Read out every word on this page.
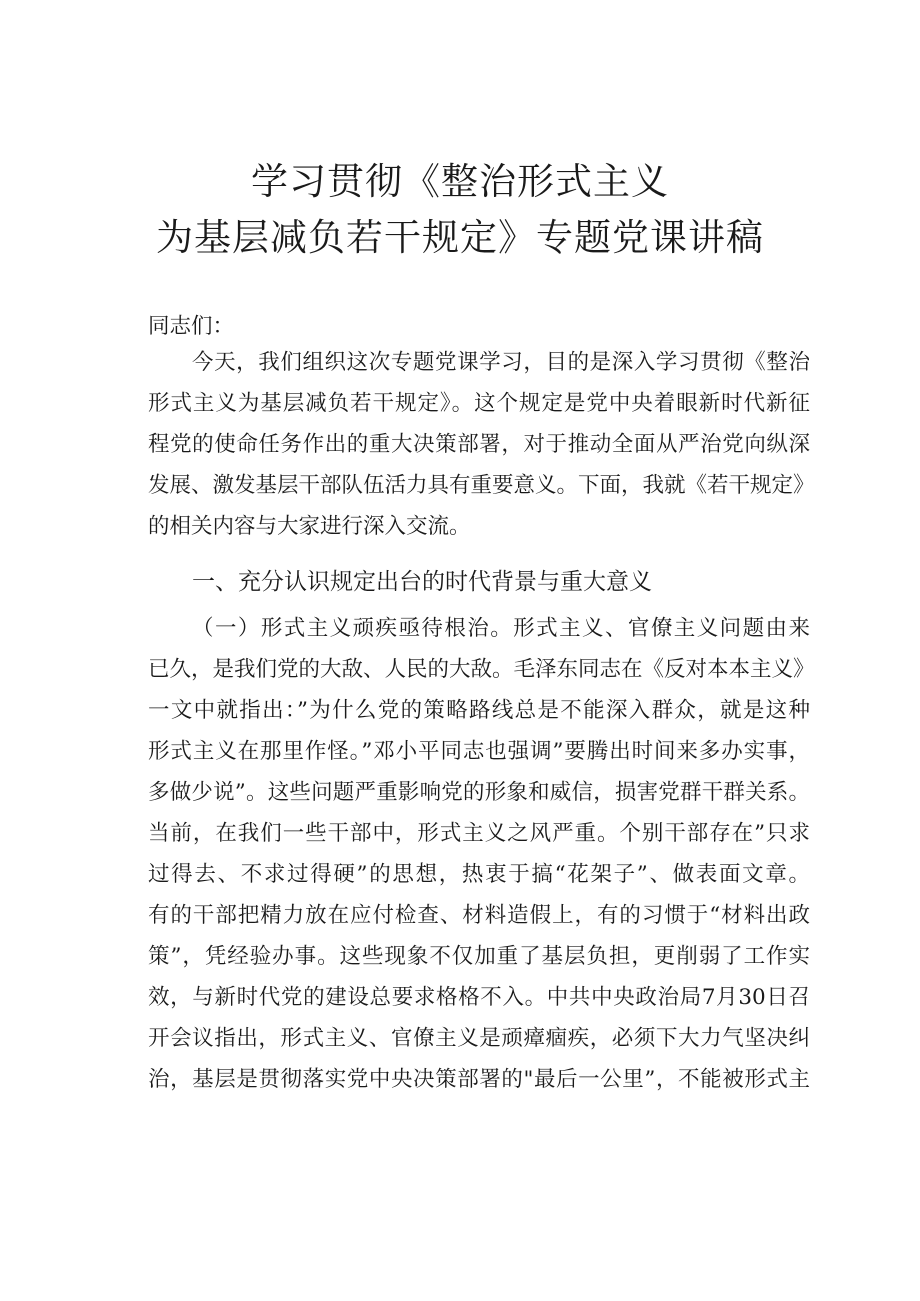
学习贯彻《整治形式主义
为基层减负若干规定》专题党课讲稿
同志们：
今天，我们组织这次专题党课学习，目的是深入学习贯彻《整治
形式主义为基层减负若干规定》。这个规定是党中央着眼新时代新征
程党的使命任务作出的重大决策部署，对于推动全面从严治党向纵深
发展、激发基层干部队伍活力具有重要意义。下面，我就《若干规定》
的相关内容与大家进行深入交流。
一、充分认识规定出台的时代背景与重大意义
（一）形式主义顽疾亟待根治。形式主义、官僚主义问题由来
已久，是我们党的大敌、人民的大敌。毛泽东同志在《反对本本主义》
一文中就指出：”为什么党的策略路线总是不能深入群众，就是这种
形式主义在那里作怪。”邓小平同志也强调”要腾出时间来多办实事，
多做少说”。这些问题严重影响党的形象和威信，损害党群干群关系。
当前，在我们一些干部中，形式主义之风严重。个别干部存在”只求
过得去、不求过得硬”的思想，热衷于搞“花架子”、做表面文章。
有的干部把精力放在应付检查、材料造假上，有的习惯于“材料出政
策”，凭经验办事。这些现象不仅加重了基层负担，更削弱了工作实
效，与新时代党的建设总要求格格不入。中共中央政治局7月30日召
开会议指出，形式主义、官僚主义是顽瘴痼疾，必须下大力气坚决纠
治，基层是贯彻落实党中央决策部署的"最后一公里”，不能被形式主
